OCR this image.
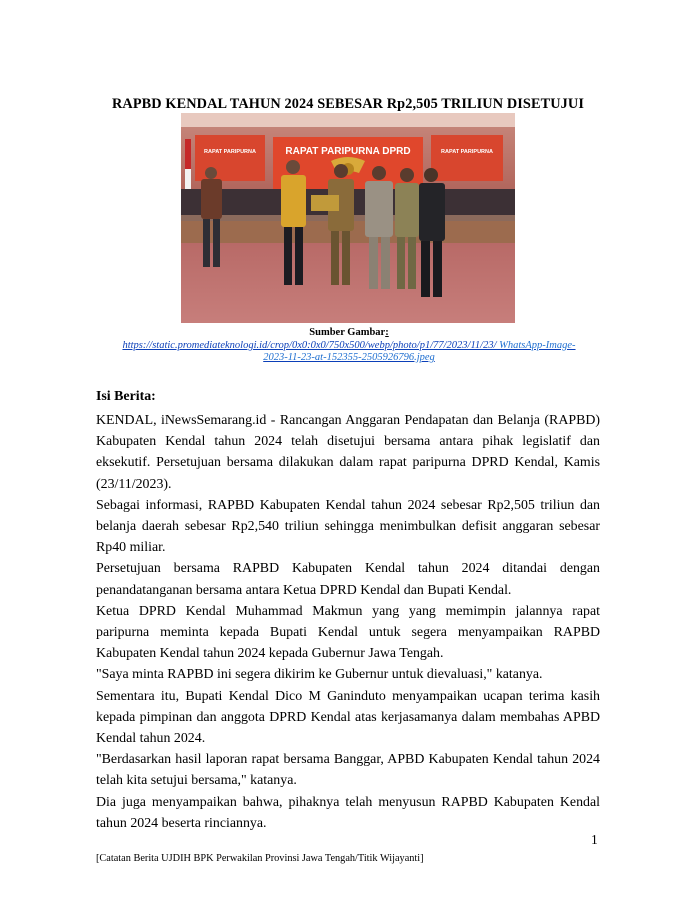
RAPBD KENDAL TAHUN 2024 SEBESAR Rp2,505 TRILIUN DISETUJUI
RAPAT PARIPURNA	RAPAT PARIPURNA
RAPAT PARIPURNA DPRD
Sumber Gambar:
https://static.promediateknologi.id/crop/0x0:0x0/750x500/webp/photo/p1/77/2023/11/23/ WhatsApp-Image-
2023-11-23-at-152355-2505926796.jpeg
Isi Berita:

KENDAL, iNewsSemarang.id - Rancangan Anggaran Pendapatan dan Belanja (RAPBD) Kabupaten Kendal tahun 2024 telah disetujui bersama antara pihak legislatif dan eksekutif. Persetujuan bersama dilakukan dalam rapat paripurna DPRD Kendal, Kamis (23/11/2023).

Sebagai informasi, RAPBD Kabupaten Kendal tahun 2024 sebesar Rp2,505 triliun dan belanja daerah sebesar Rp2,540 triliun sehingga menimbulkan defisit anggaran sebesar Rp40 miliar.

Persetujuan bersama RAPBD Kabupaten Kendal tahun 2024 ditandai dengan penandatanganan bersama antara Ketua DPRD Kendal dan Bupati Kendal.

Ketua DPRD Kendal Muhammad Makmun yang yang memimpin jalannya rapat paripurna meminta kepada Bupati Kendal untuk segera menyampaikan RAPBD Kabupaten Kendal tahun 2024 kepada Gubernur Jawa Tengah.

"Saya minta RAPBD ini segera dikirim ke Gubernur untuk dievaluasi," katanya.

Sementara itu, Bupati Kendal Dico M Ganinduto menyampaikan ucapan terima kasih kepada pimpinan dan anggota DPRD Kendal atas kerjasamanya dalam membahas APBD Kendal tahun 2024.

"Berdasarkan hasil laporan rapat bersama Banggar, APBD Kabupaten Kendal tahun 2024 telah kita setujui bersama," katanya.

Dia juga menyampaikan bahwa, pihaknya telah menyusun RAPBD Kabupaten Kendal tahun 2024 beserta rinciannya.

1
[Catatan Berita UJDIH BPK Perwakilan Provinsi Jawa Tengah/Titik Wijayanti]
